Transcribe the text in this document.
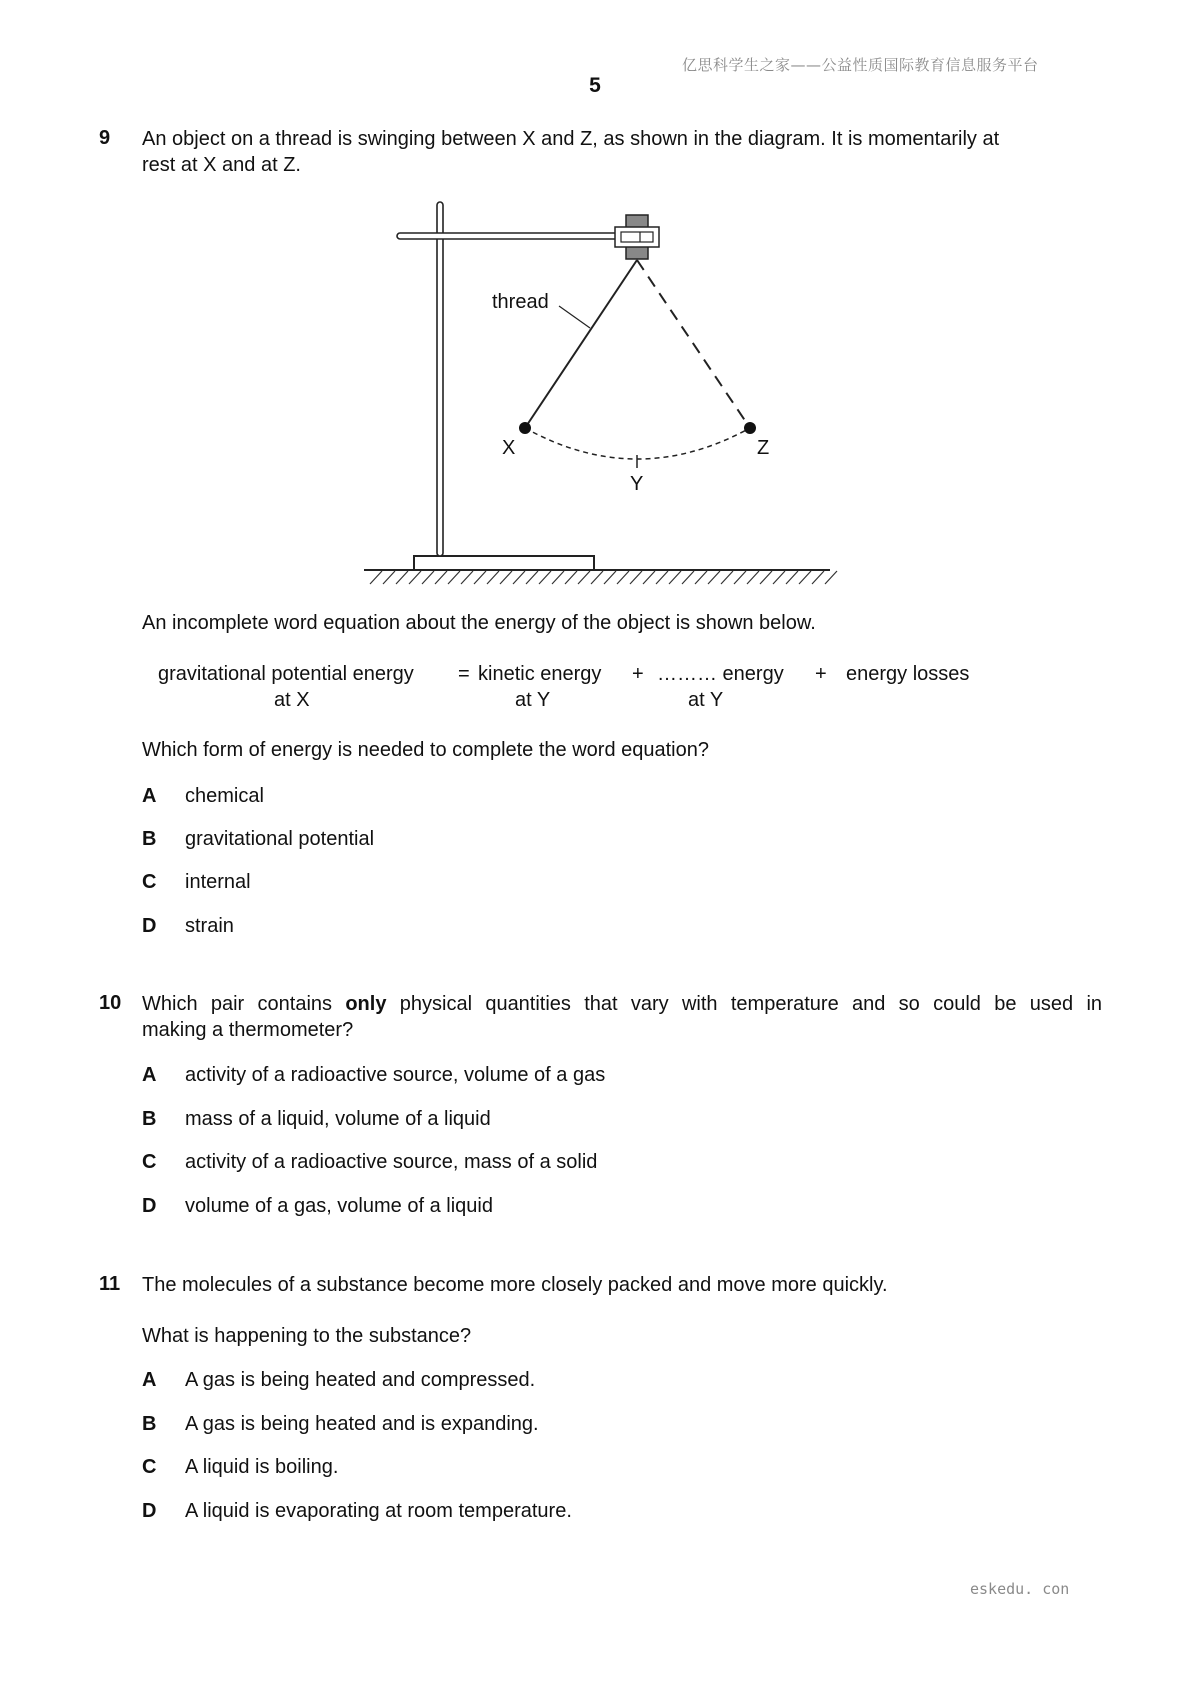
亿思科学生之家——公益性质国际教育信息服务平台
5
9 An object on a thread is swinging between X and Z, as shown in the diagram. It is momentarily at
rest at X and at Z.
thread
X
Y
Z
An incomplete word equation about the energy of the object is shown below.
gravitational potential energy
at X
= kinetic energy
at Y
+ ……… energy
at Y
+ energy losses
Which form of energy is needed to complete the word equation?
A chemical
B gravitational potential
C internal
D strain
10 Which pair contains only physical quantities that vary with temperature and so could be used in
making a thermometer?
A activity of a radioactive source, volume of a gas
B mass of a liquid, volume of a liquid
C activity of a radioactive source, mass of a solid
D volume of a gas, volume of a liquid
11 The molecules of a substance become more closely packed and move more quickly.
What is happening to the substance?
A A gas is being heated and compressed.
B A gas is being heated and is expanding.
C A liquid is boiling.
D A liquid is evaporating at room temperature.
eskedu. con
